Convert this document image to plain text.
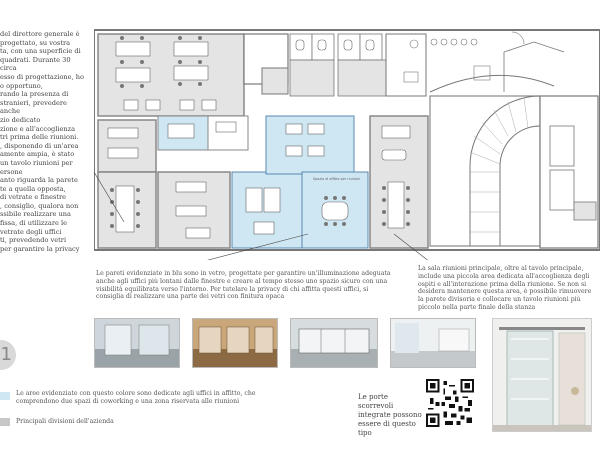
del direttore generale è
progettato, su vostra
ta, con una superficie di
quadrati. Durante 30 circa
esso di progettazione, ho
o opportuno,
rando la presenza di
stranieri, prevedere anche
zio dedicato
zione e all'accoglienza
tri prima delle riunioni.
, disponendo di un'area
amente ampia, è stato
un tavolo riunioni per
ersone
anto riguarda la parete
te a quella opposta,
di vetrate e finestre
, consiglio, qualora non
ssibile realizzare una
fissa, di utilizzare le
vetrate degli uffici
ti, prevedendo vetri
per garantire la privacy
Spazio di affitto per riunioni
Le pareti evidenziate in blu sono in vetro, progettate per garantire un'illuminazione adeguata anche agli uffici più lontani dalle finestre e creare al tempo stesso uno spazio sicuro con una visibilità equilibrata verso l'interno. Per tutelare la privacy di chi affitta questi uffici, si consiglia di realizzare una parte dei vetri con finitura opaca
La sala riunioni principale, oltre al tavolo principale, include una piccola area dedicata all'accoglienza degli ospiti e all'interazione prima della riunione. Se non si desidera mantenere questa area, è possibile rimuovere la parete divisoria e collocare un tavolo riunioni più piccolo nella parte finale della stanza
1
Le aree evidenziate con questo colore sono dedicate agli uffici in affitto, che
comprendono due spazi di coworking e una zona riservata alle riunioni
Principali divisioni dell'azienda
Le porte scorrevoli
integrate possono
essere di questo tipo
